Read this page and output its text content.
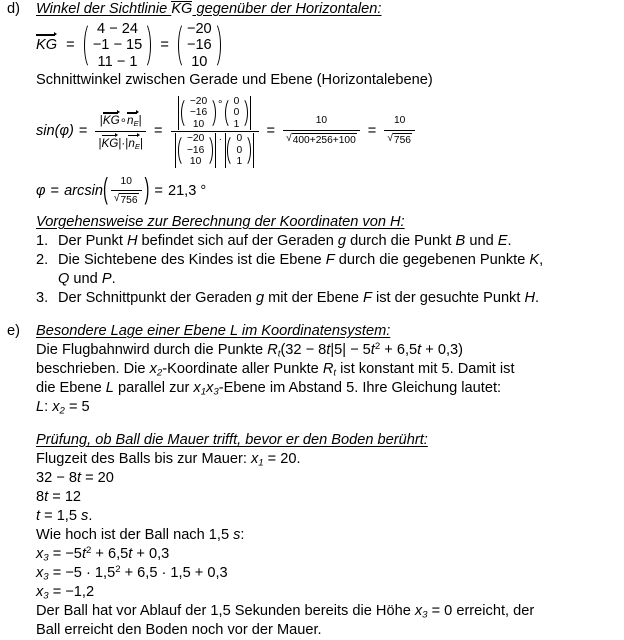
d)	Winkel der Sichtlinie KG gegenüber der Horizontalen:
KG =
4 − 24
−1 − 15
11 − 1
=
−20
−16
10
Schnittwinkel zwischen Gerade und Ebene (Horizontalebene)
$\sin(\varphi) = \frac{|KG\circ n_E|}{|KG|\cdot|n_E|}$ =
−20
−16
10
∘ 0
0
1
−20
−16
10
· 0
0
1
= $\frac{10}{√ 400+256+100} = \frac{10}{√ 756}$
φ = arcsin ( $\frac{10}{√ 756}$ ) = 21,3 °
Vorgehensweise zur Berechnung der Koordinaten von H:
1. Der Punkt H befindet sich auf der Geraden g durch die Punkt B und E.
2. Die Sichtebene des Kindes ist die Ebene F durch die gegebenen Punkte K,
Q und P.
3. Der Schnittpunkt der Geraden g mit der Ebene F ist der gesuchte Punkt H.
e)	Besondere Lage einer Ebene L im Koordinatensystem:
Die Flugbahnwird durch die Punkte $R_t(32 - 8t|5| - 5t^2 + 6,5t + 0,3)$
beschrieben. Die $x_2$-Koordinate aller Punkte $R_t$ ist konstant mit 5. Damit ist
die Ebene L parallel zur $x_1x_3$-Ebene im Abstand 5. Ihre Gleichung lautet:
L: $x_2 = 5$
Prüfung, ob Ball die Mauer trifft, bevor er den Boden berührt:
Flugzeit des Balls bis zur Mauer: $x_1 = 20$.
32 − 8t = 20
8t = 12
t = 1,5 s.
Wie hoch ist der Ball nach 1,5 s:
$x_3 = -5t^2 + 6,5t + 0,3$
$x_3 = -5 \cdot 1,5^2 + 6,5 \cdot 1,5 + 0,3$
$x_3 = -1,2$
Der Ball hat vor Ablauf der 1,5 Sekunden bereits die Höhe $x_3 = 0$ erreicht, der
Ball erreicht den Boden noch vor der Mauer.
